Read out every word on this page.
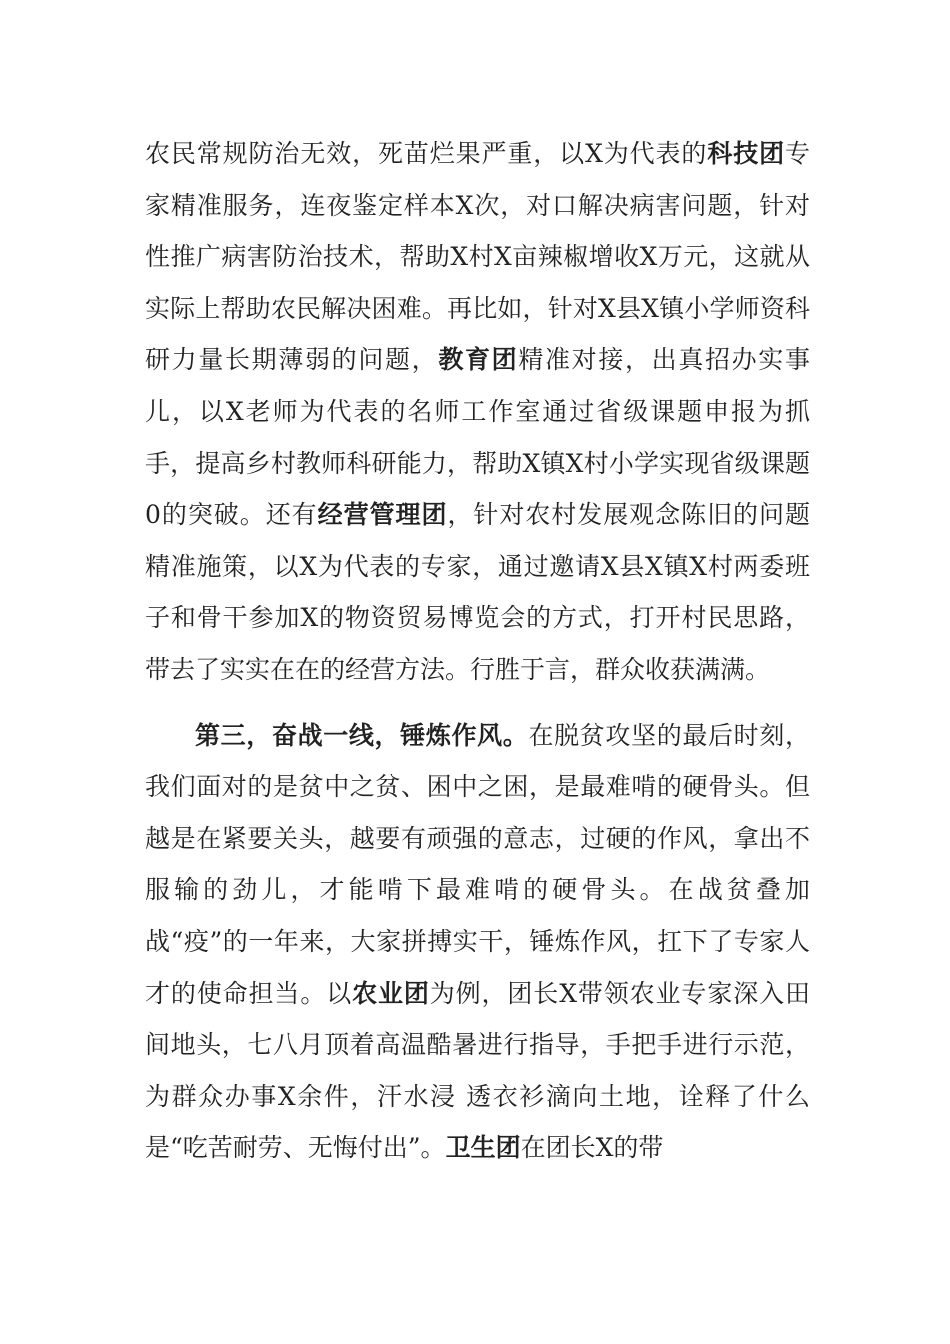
农民常规防治无效，死苗烂果严重，以X为代表的科技团专家精准服务，连夜鉴定样本X次，对口解决病害问题，针对性推广病害防治技术，帮助X村X亩辣椒增收X万元，这就从实际上帮助农民解决困难。再比如，针对X县X镇小学师资科研力量长期薄弱的问题，教育团精准对接，出真招办实事儿，以X老师为代表的名师工作室通过省级课题申报为抓手，提高乡村教师科研能力，帮助X镇X村小学实现省级课题0的突破。还有经营管理团，针对农村发展观念陈旧的问题精准施策，以X为代表的专家，通过邀请X县X镇X村两委班子和骨干参加X的物资贸易博览会的方式，打开村民思路，带去了实实在在的经营方法。行胜于言，群众收获满满。

第三，奋战一线，锤炼作风。在脱贫攻坚的最后时刻，我们面对的是贫中之贫、困中之困，是最难啃的硬骨头。但越是在紧要关头，越要有顽强的意志，过硬的作风，拿出不服输的劲儿，才能啃下最难啃的硬骨头。在战贫叠加战“疫”的一年来，大家拼搏实干，锤炼作风，扛下了专家人才的使命担当。以农业团为例，团长X带领农业专家深入田间地头，七八月顶着高温酷暑进行指导，手把手进行示范，为群众办事X余件，汗水浸 透衣衫滴向土地，诠释了什么是“吃苦耐劳、无悔付出”。卫生团在团长X的带
